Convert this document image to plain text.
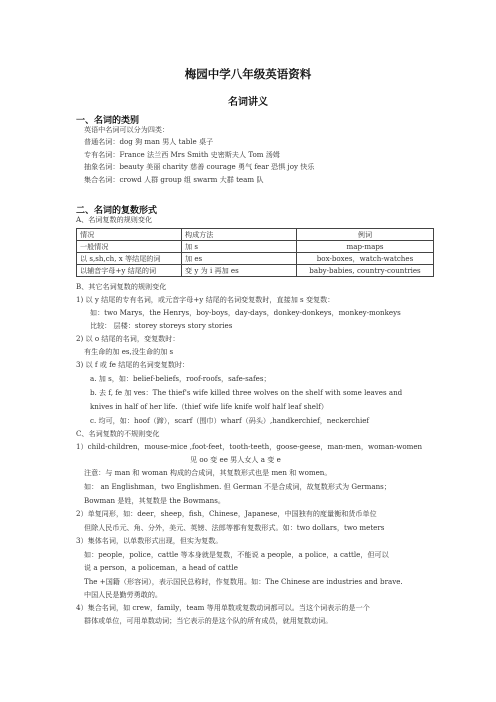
梅园中学八年级英语资料
名词讲义
一、名词的类别
英语中名词可以分为四类：
普通名词：dog 狗 man 男人 table 桌子
专有名词：France 法兰西 Mrs Smith 史密斯夫人 Tom 汤姆
抽象名词：beauty 美丽 charity 慈善 courage 勇气 fear 恐惧 joy 快乐
集合名词：crowd 人群 group 组 swarm 大群 team 队
二、名词的复数形式
A、名词复数的规则变化
情况	构成方法	例词
一般情况	加 s	map-maps
以 s,sh,ch, x 等结尾的词	加 es	box-boxes，watch-watches
以辅音字母+y 结尾的词	变 y 为 i 再加 es	baby-babies, country-countries
B、其它名词复数的规则变化
1) 以 y 结尾的专有名词，或元音字母+y 结尾的名词变复数时，直接加 s 变复数：
如：two Marys，the Henrys，boy-boys，day-days，donkey-donkeys，monkey-monkeys
比较： 层楼：storey storeys story stories
2) 以 o 结尾的名词，变复数时：
有生命的加 es,没生命的加 s
3) 以 f 或 fe 结尾的名词变复数时：
a. 加 s，如：belief-beliefs，roof-roofs，safe-safes；
b. 去 f, fe 加 ves：The thief's wife killed three wolves on the shelf with some leaves and
knives in half of her life.（thief wife life knife wolf half leaf shelf）
c. 均可，如：hoof（蹄），scarf（围巾）wharf（码头）,handkerchief，neckerchief
C、名词复数的不规则变化
1）child-children，mouse-mice ,foot-feet，tooth-teeth，goose-geese，man-men，woman-women
见 oo 变 ee 男人女人 a 变 e
注意：与 man 和 woman 构成的合成词，其复数形式也是 men 和 women。
如： an Englishman，two Englishmen. 但 German 不是合成词，故复数形式为 Germans；
Bowman 是姓，其复数是 the Bowmans。
2）单复同形，如：deer，sheep，fish，Chinese，Japanese，中国独有的度量衡和货币单位
但除人民币元、角、分外，美元、英镑、法郎等都有复数形式。如：two dollars，two meters
3）集体名词，以单数形式出现，但实为复数。
如：people，police，cattle 等本身就是复数，不能说 a people，a police，a cattle，但可以
说 a person，a policeman，a head of cattle
The +国籍（形容词），表示国民总称时，作复数用。如：The Chinese are industries and brave.
中国人民是勤劳勇敢的。
4）集合名词，如 crew，family，team 等用单数或复数动词都可以。当这个词表示的是一个
群体或单位，可用单数动词；当它表示的是这个队的所有成员，就用复数动词。
